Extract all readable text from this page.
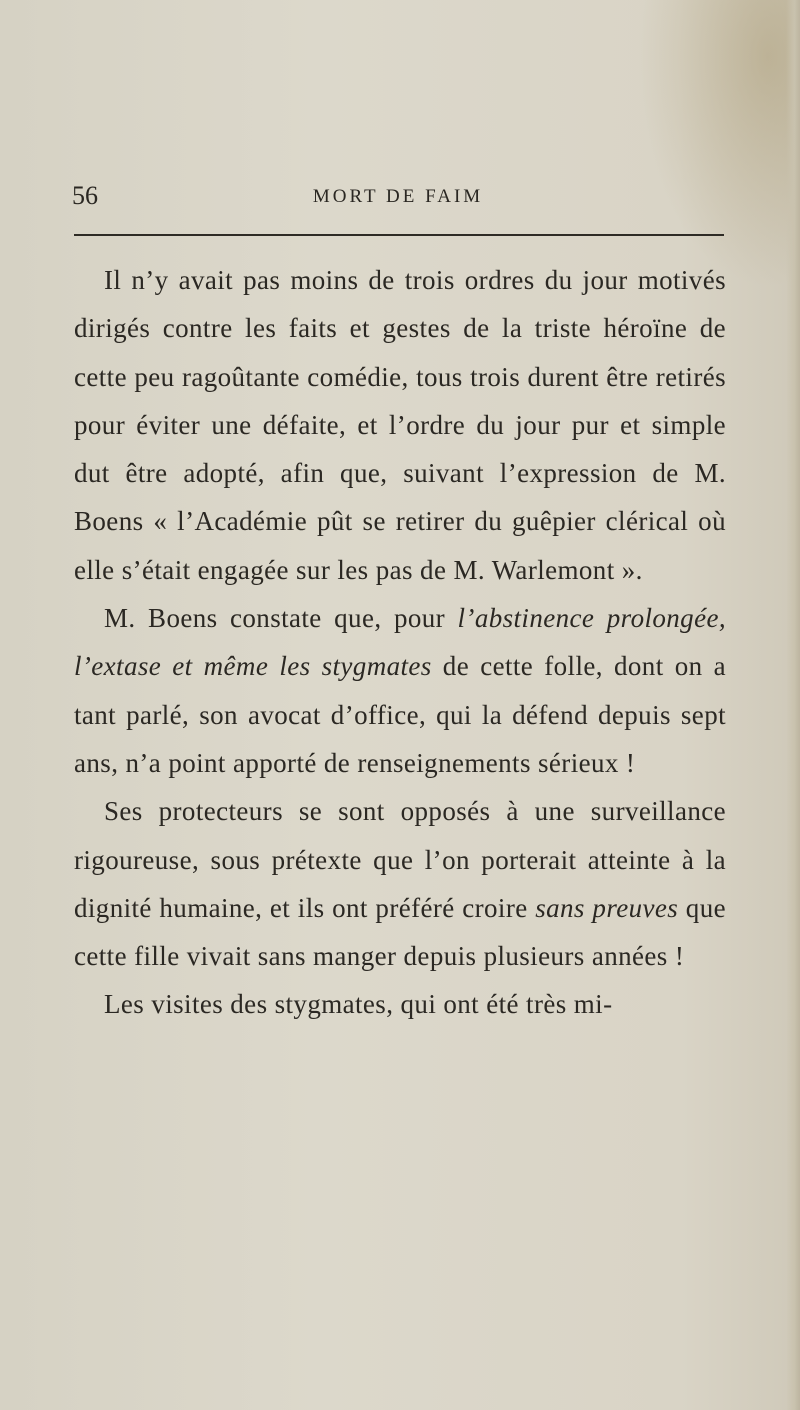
56	MORT DE FAIM

Il n’y avait pas moins de trois ordres du jour motivés dirigés contre les faits et gestes de la triste héroïne de cette peu ragoûtante comédie, tous trois durent être retirés pour éviter une défaite, et l’ordre du jour pur et simple dut être adopté, afin que, suivant l’expression de M. Boens « l’Académie pût se retirer du guêpier clérical où elle s’était engagée sur les pas de M. Warlemont ».

M. Boens constate que, pour l’abstinence prolongée, l’extase et même les stygmates de cette folle, dont on a tant parlé, son avocat d’office, qui la défend depuis sept ans, n’a point apporté de renseignements sérieux !

Ses protecteurs se sont opposés à une surveillance rigoureuse, sous prétexte que l’on porterait atteinte à la dignité humaine, et ils ont préféré croire sans preuves que cette fille vivait sans manger depuis plusieurs années !

Les visites des stygmates, qui ont été très mi-
